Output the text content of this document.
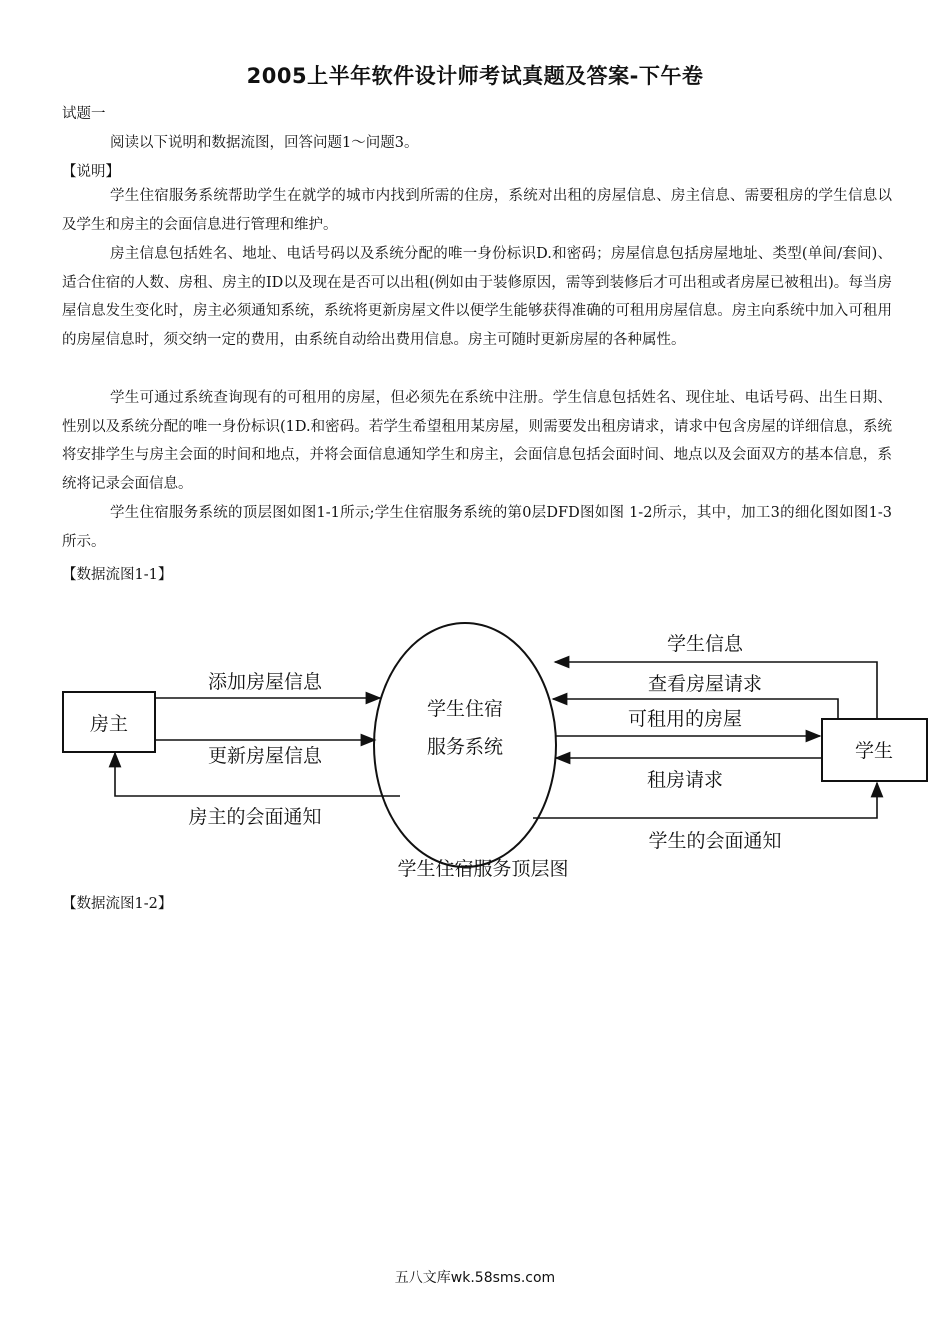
2005上半年软件设计师考试真题及答案-下午卷
试题一
阅读以下说明和数据流图，回答问题1～问题3。
【说明】
学生住宿服务系统帮助学生在就学的城市内找到所需的住房，系统对出租的房屋信息、房主信息、需要租房的学生信息以及学生和房主的会面信息进行管理和维护。
房主信息包括姓名、地址、电话号码以及系统分配的唯一身份标识D.和密码；房屋信息包括房屋地址、类型(单间/套间)、适合住宿的人数、房租、房主的ID以及现在是否可以出租(例如由于装修原因，需等到装修后才可出租或者房屋已被租出)。每当房屋信息发生变化时，房主必须通知系统，系统将更新房屋文件以便学生能够获得准确的可租用房屋信息。房主向系统中加入可租用的房屋信息时，须交纳一定的费用，由系统自动给出费用信息。房主可随时更新房屋的各种属性。
学生可通过系统查询现有的可租用的房屋，但必须先在系统中注册。学生信息包括姓名、现住址、电话号码、出生日期、性别以及系统分配的唯一身份标识(1D.和密码。若学生希望租用某房屋，则需要发出租房请求，请求中包含房屋的详细信息，系统将安排学生与房主会面的时间和地点，并将会面信息通知学生和房主，会面信息包括会面时间、地点以及会面双方的基本信息，系统将记录会面信息。
学生住宿服务系统的顶层图如图1-1所示;学生住宿服务系统的第0层DFD图如图 1-2所示，其中，加工3的细化图如图1-3所示。
【数据流图1-1】
房主
学生
学生住宿
服务系统
添加房屋信息
更新房屋信息
房主的会面通知
学生信息
查看房屋请求
可租用的房屋
租房请求
学生的会面通知
学生住宿服务顶层图
【数据流图1-2】
五八文库wk.58sms.com
